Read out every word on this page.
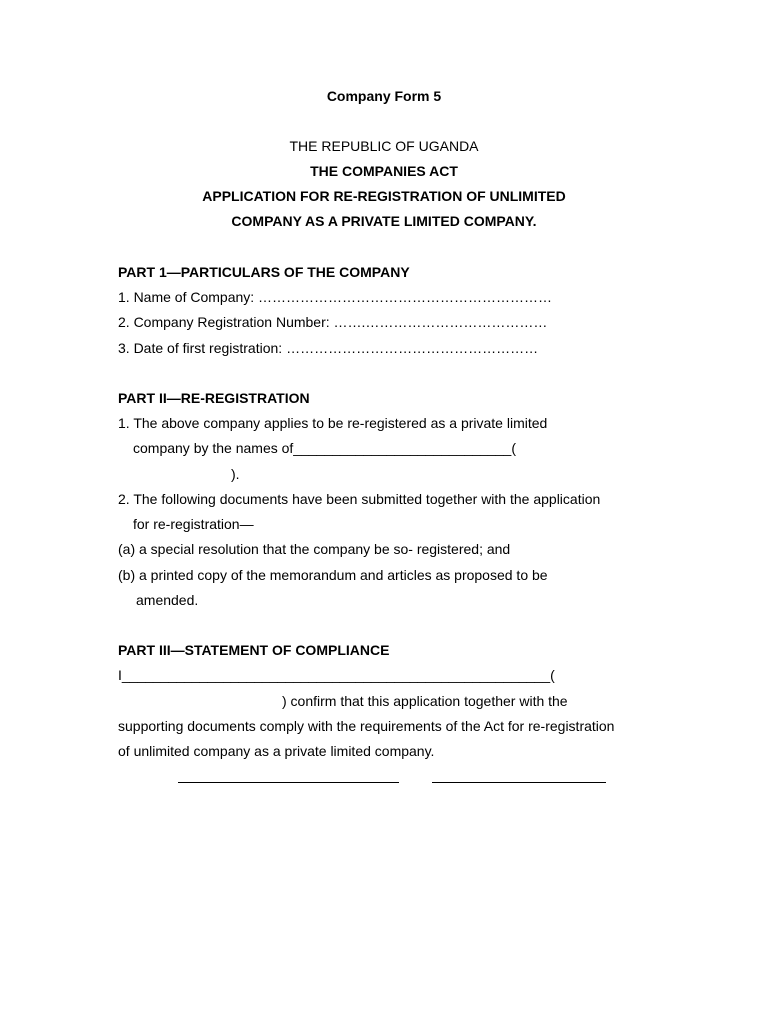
Company Form 5
THE REPUBLIC OF UGANDA
THE COMPANIES ACT
APPLICATION FOR RE-REGISTRATION OF UNLIMITED
COMPANY AS A PRIVATE LIMITED COMPANY.
PART 1—PARTICULARS OF THE COMPANY
1. Name of Company: ………………………………………………………
2. Company Registration Number: …….…………………………………
3. Date of first registration: ………………………………………………
PART II—RE-REGISTRATION
1. The above company applies to be re-registered as a private limited
company by the names of____________________________(
).
2. The following documents have been submitted together with the application
for re-registration—
(a) a special resolution that the company be so- registered; and
(b) a printed copy of the memorandum and articles as proposed to be
amended.
PART III—STATEMENT OF COMPLIANCE
I_______________________________________________________(
) confirm that this application together with the
supporting documents comply with the requirements of the Act for re-registration
of unlimited company as a private limited company.
